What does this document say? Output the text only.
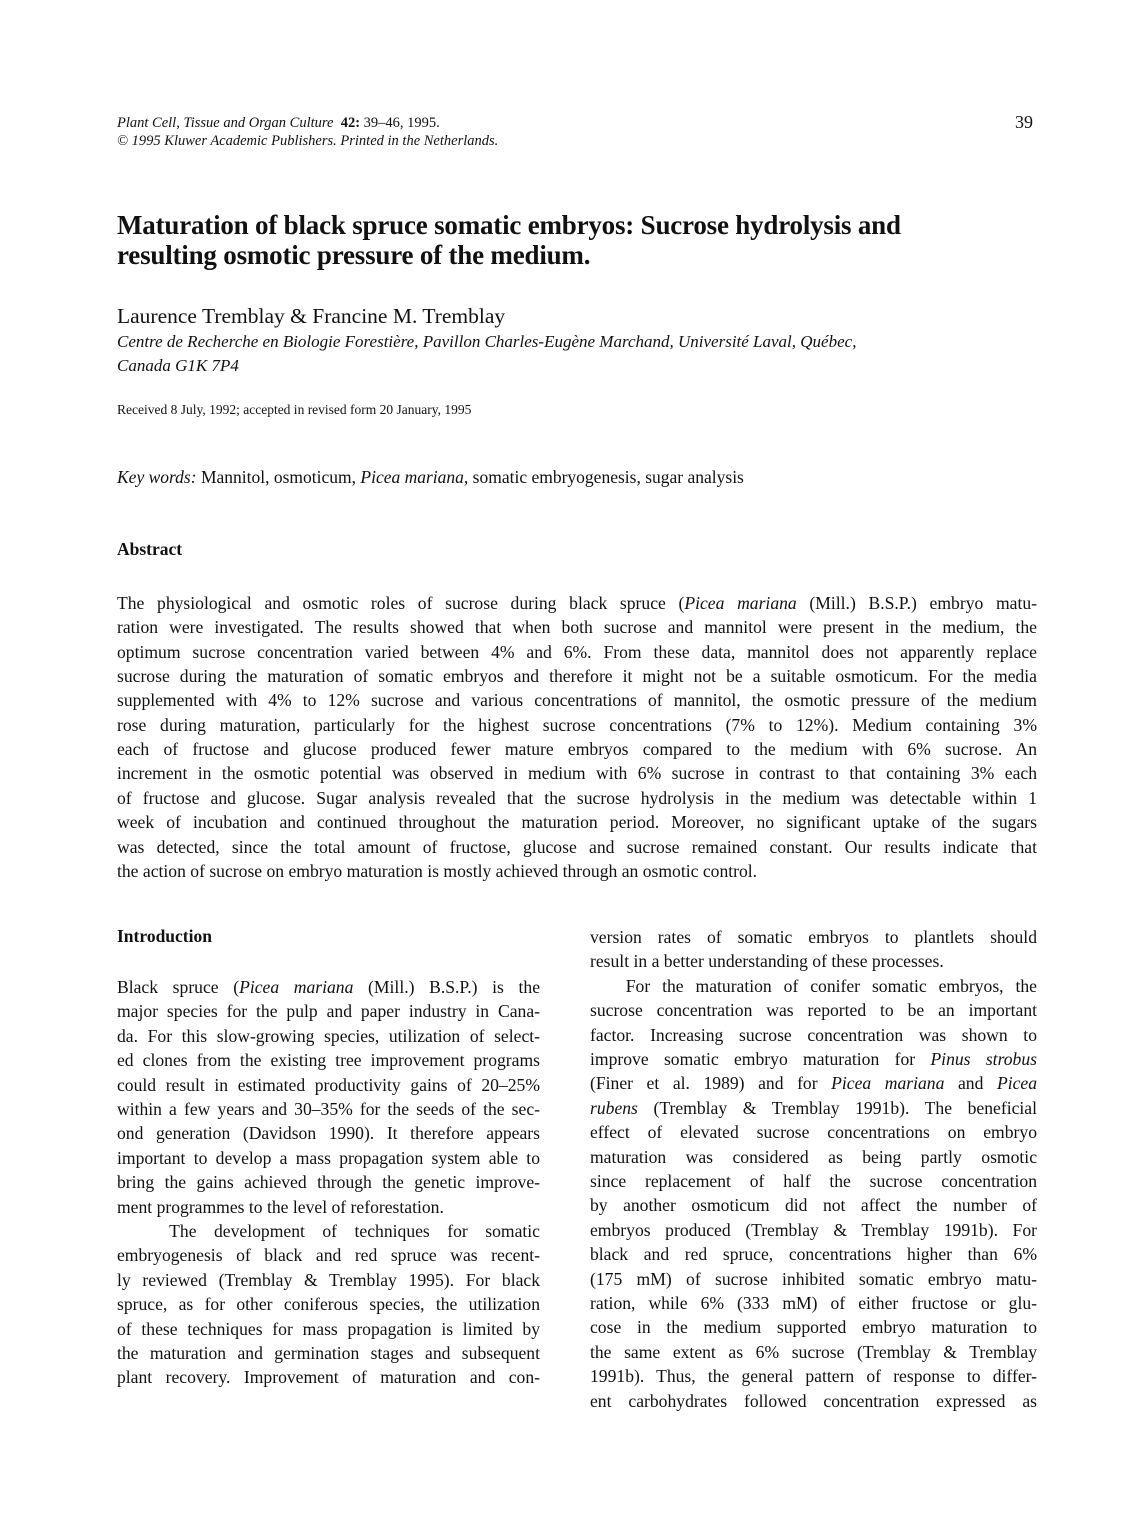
Plant Cell, Tissue and Organ Culture 42: 39–46, 1995.
© 1995 Kluwer Academic Publishers. Printed in the Netherlands.
39
Maturation of black spruce somatic embryos: Sucrose hydrolysis and
resulting osmotic pressure of the medium.
Laurence Tremblay & Francine M. Tremblay
Centre de Recherche en Biologie Forestière, Pavillon Charles-Eugène Marchand, Université Laval, Québec,
Canada G1K 7P4
Received 8 July, 1992; accepted in revised form 20 January, 1995
Key words: Mannitol, osmoticum, Picea mariana, somatic embryogenesis, sugar analysis
Abstract
The physiological and osmotic roles of sucrose during black spruce (Picea mariana (Mill.) B.S.P.) embryo matu-
ration were investigated. The results showed that when both sucrose and mannitol were present in the medium, the
optimum sucrose concentration varied between 4% and 6%. From these data, mannitol does not apparently replace
sucrose during the maturation of somatic embryos and therefore it might not be a suitable osmoticum. For the media
supplemented with 4% to 12% sucrose and various concentrations of mannitol, the osmotic pressure of the medium
rose during maturation, particularly for the highest sucrose concentrations (7% to 12%). Medium containing 3%
each of fructose and glucose produced fewer mature embryos compared to the medium with 6% sucrose. An
increment in the osmotic potential was observed in medium with 6% sucrose in contrast to that containing 3% each
of fructose and glucose. Sugar analysis revealed that the sucrose hydrolysis in the medium was detectable within 1
week of incubation and continued throughout the maturation period. Moreover, no significant uptake of the sugars
was detected, since the total amount of fructose, glucose and sucrose remained constant. Our results indicate that
the action of sucrose on embryo maturation is mostly achieved through an osmotic control.
Introduction
Black spruce (Picea mariana (Mill.) B.S.P.) is the
major species for the pulp and paper industry in Cana-
da. For this slow-growing species, utilization of select-
ed clones from the existing tree improvement programs
could result in estimated productivity gains of 20–25%
within a few years and 30–35% for the seeds of the sec-
ond generation (Davidson 1990). It therefore appears
important to develop a mass propagation system able to
bring the gains achieved through the genetic improve-
ment programmes to the level of reforestation.
The development of techniques for somatic
embryogenesis of black and red spruce was recent-
ly reviewed (Tremblay & Tremblay 1995). For black
spruce, as for other coniferous species, the utilization
of these techniques for mass propagation is limited by
the maturation and germination stages and subsequent
plant recovery. Improvement of maturation and con-
version rates of somatic embryos to plantlets should
result in a better understanding of these processes.
For the maturation of conifer somatic embryos, the
sucrose concentration was reported to be an important
factor. Increasing sucrose concentration was shown to
improve somatic embryo maturation for Pinus strobus
(Finer et al. 1989) and for Picea mariana and Picea
rubens (Tremblay & Tremblay 1991b). The beneficial
effect of elevated sucrose concentrations on embryo
maturation was considered as being partly osmotic
since replacement of half the sucrose concentration
by another osmoticum did not affect the number of
embryos produced (Tremblay & Tremblay 1991b). For
black and red spruce, concentrations higher than 6%
(175 mM) of sucrose inhibited somatic embryo matu-
ration, while 6% (333 mM) of either fructose or glu-
cose in the medium supported embryo maturation to
the same extent as 6% sucrose (Tremblay & Tremblay
1991b). Thus, the general pattern of response to differ-
ent carbohydrates followed concentration expressed as
